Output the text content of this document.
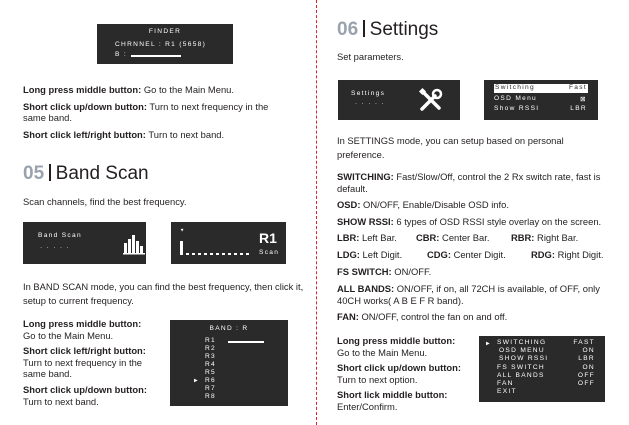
FINDER
CHRNNEL : R1 (5658)
B :
Long press middle button: Go to the Main Menu.
Short click up/down button: Turn to next frequency in the same band.
Short click left/right button: Turn to next band.
05 Band Scan
Scan channels, find the best frequency.
Band Scan
· · · · ·
▾	R1
Scan
In BAND SCAN mode, you can find the best frequency, then click it, setup to current frequency.
Long press middle button:
Go to the Main Menu.
Short click left/right button:
Turn to next frequency in the same band.
Short click up/down button:
Turn to next band.
BAND : R
▶
R1
R2
R3
R4
R5
R6
R7
R8
06 Settings
Set parameters.
Settings
· · · · ·
Switching	Fast
OSD Menu	⊠
Show RSSI	LBR
In SETTINGS mode, you can setup based on personal preference.
SWITCHING: Fast/Slow/Off, control the 2 Rx switch rate, fast is default.
OSD: ON/OFF, Enable/Disable OSD info.
SHOW RSSI: 6 types of OSD RSSI style overlay on the screen.
LBR: Left Bar. CBR: Center Bar. RBR: Right Bar.
LDG: Left Digit.	CDG: Center Digit.	RDG: Right Digit.
FS SWITCH: ON/OFF.
ALL BANDS: ON/OFF, if on, all 72CH is available, of OFF, only 40CH works( A B E F R band).
FAN: ON/OFF, control the fan on and off.
Long press middle button:
Go to the Main Menu.
Short click up/down button:
Turn to next option.
Short lick middle button:
Enter/Confirm.
▶ SWITCHING	FAST
OSD MENU	ON
SHOW RSSI	LBR
FS SWITCH	ON
ALL BANDS	OFF
FAN	OFF
EXIT
